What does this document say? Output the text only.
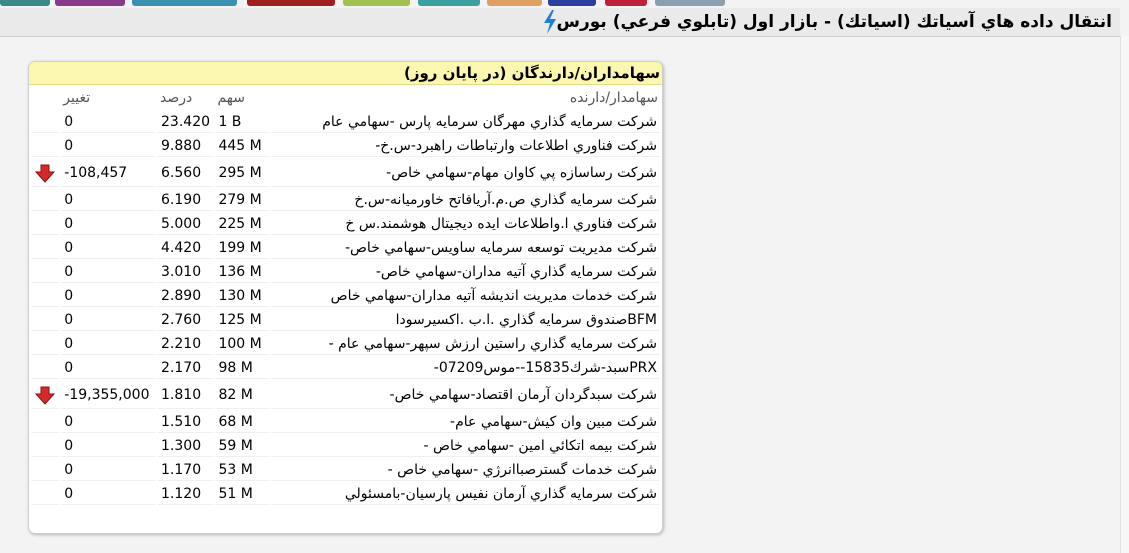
انتقال داده هاي آسياتك (اسياتك) - بازار اول (تابلوي فرعي) بورس
سهامداران/دارندگان (در پايان روز)
سهامدار/دارنده	سهم	درصد	تغيير	
شركت سرمايه گذاري مهرگان سرمايه پارس -سهامي عام	1 B	23.420	0	
شركت فناوري اطلاعات وارتباطات راهبرد-س.خ-	445 M	9.880	0	
شركت رساسازه پي كاوان مهام-سهامي خاص-	295 M	6.560	-108,457	
شركت سرمايه گذاري ص.م.آريافاتح خاورميانه-س.خ	279 M	6.190	0	
شركت فناوري ا.واطلاعات ايده ديجيتال هوشمند.س خ	225 M	5.000	0	
شركت مديريت توسعه سرمايه ساويس-سهامي خاص-	199 M	4.420	0	
شركت سرمايه گذاري آتيه مداران-سهامي خاص-	136 M	3.010	0	
شركت خدمات مديريت انديشه آتيه مداران-سهامي خاص	130 M	2.890	0	
BFMصندوق سرمايه گذاري .ا.ب .اكسيرسودا	125 M	2.760	0	
شركت سرمايه گذاري راستين ارزش سپهر-سهامي عام -	100 M	2.210	0	
PRXسبد-شرك15835--موس07209-	98 M	2.170	0	
شركت سبدگردان آرمان اقتصاد-سهامي خاص-	82 M	1.810	-19,355,000	
شركت مبين وان كيش-سهامي عام-	68 M	1.510	0	
شركت بيمه اتكائي امين -سهامي خاص -	59 M	1.300	0	
شركت خدمات گسترصباانرژي -سهامي خاص -	53 M	1.170	0	
شركت سرمايه گذاري آرمان نفيس پارسيان-بامسئولي	51 M	1.120	0	
